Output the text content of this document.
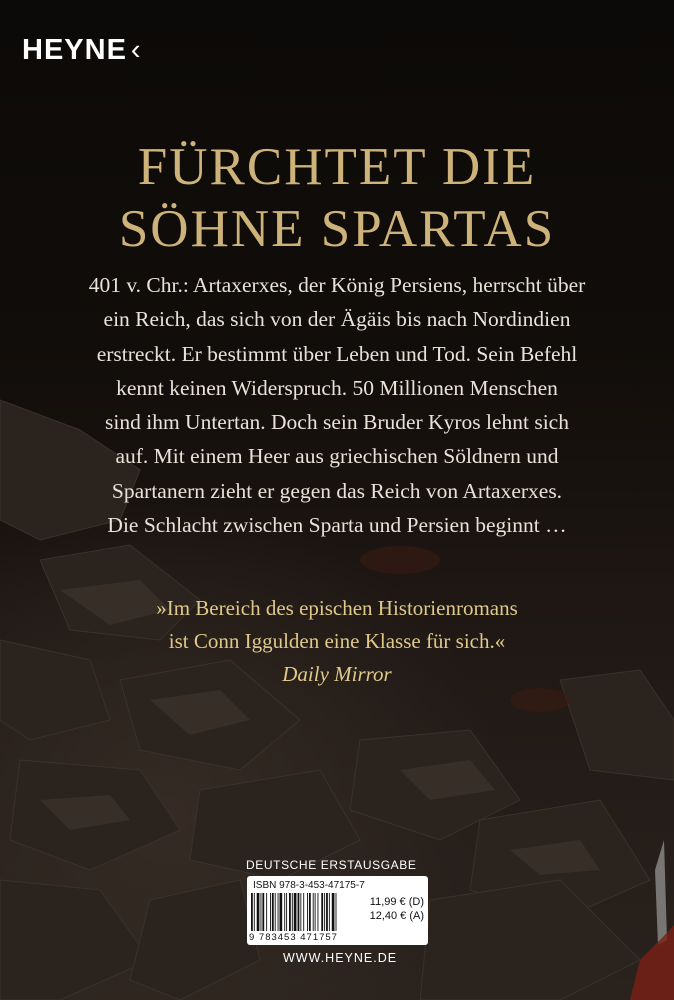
HEYNE ‹
FÜRCHTET DIE
SÖHNE SPARTAS
401 v. Chr.: Artaxerxes, der König Persiens, herrscht über
ein Reich, das sich von der Ägäis bis nach Nordindien
erstreckt. Er bestimmt über Leben und Tod. Sein Befehl
kennt keinen Widerspruch. 50 Millionen Menschen
sind ihm Untertan. Doch sein Bruder Kyros lehnt sich
auf. Mit einem Heer aus griechischen Söldnern und
Spartanern zieht er gegen das Reich von Artaxerxes.
Die Schlacht zwischen Sparta und Persien beginnt …
»Im Bereich des epischen Historienromans
ist Conn Iggulden eine Klasse für sich.«
Daily Mirror
DEUTSCHE ERSTAUSGABE
ISBN 978-3-453-47175-7
11,99 € (D)
12,40 € (A)
9 783453 471757
WWW.HEYNE.DE
